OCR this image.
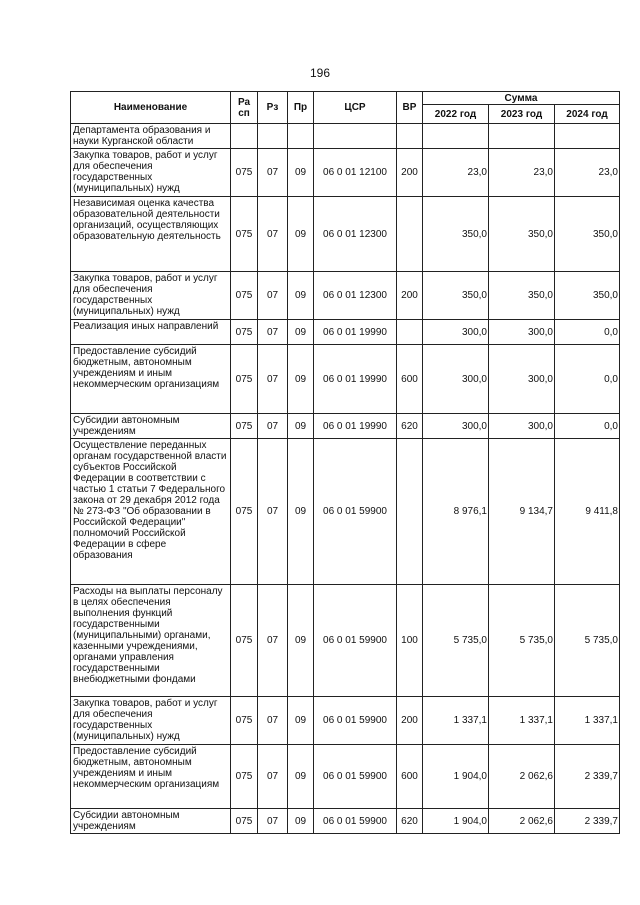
196
Наименование	Ра сп	Рз	Пр	ЦСР	ВР	Сумма		
						2022 год	2023 год	2024 год
Департамента образования и науки Курганской области								
Закупка товаров, работ и услуг для обеспечения государственных (муниципальных) нужд	075	07	09	06 0 01 12100	200	23,0	23,0	23,0
Независимая оценка качества образовательной деятельности организаций, осуществляющих образовательную деятельность	075	07	09	06 0 01 12300		350,0	350,0	350,0
Закупка товаров, работ и услуг для обеспечения государственных (муниципальных) нужд	075	07	09	06 0 01 12300	200	350,0	350,0	350,0
Реализация иных направлений	075	07	09	06 0 01 19990		300,0	300,0	0,0
Предоставление субсидий бюджетным, автономным учреждениям и иным некоммерческим организациям	075	07	09	06 0 01 19990	600	300,0	300,0	0,0
Субсидии автономным учреждениям	075	07	09	06 0 01 19990	620	300,0	300,0	0,0
Осуществление переданных органам государственной власти субъектов Российской Федерации в соответствии с частью 1 статьи 7 Федерального закона от 29 декабря 2012 года № 273-ФЗ "Об образовании в Российской Федерации" полномочий Российской Федерации в сфере образования	075	07	09	06 0 01 59900		8 976,1	9 134,7	9 411,8
Расходы на выплаты персоналу в целях обеспечения выполнения функций государственными (муниципальными) органами, казенными учреждениями, органами управления государственными внебюджетными фондами	075	07	09	06 0 01 59900	100	5 735,0	5 735,0	5 735,0
Закупка товаров, работ и услуг для обеспечения государственных (муниципальных) нужд	075	07	09	06 0 01 59900	200	1 337,1	1 337,1	1 337,1
Предоставление субсидий бюджетным, автономным учреждениям и иным некоммерческим организациям	075	07	09	06 0 01 59900	600	1 904,0	2 062,6	2 339,7
Субсидии автономным учреждениям	075	07	09	06 0 01 59900	620	1 904,0	2 062,6	2 339,7
